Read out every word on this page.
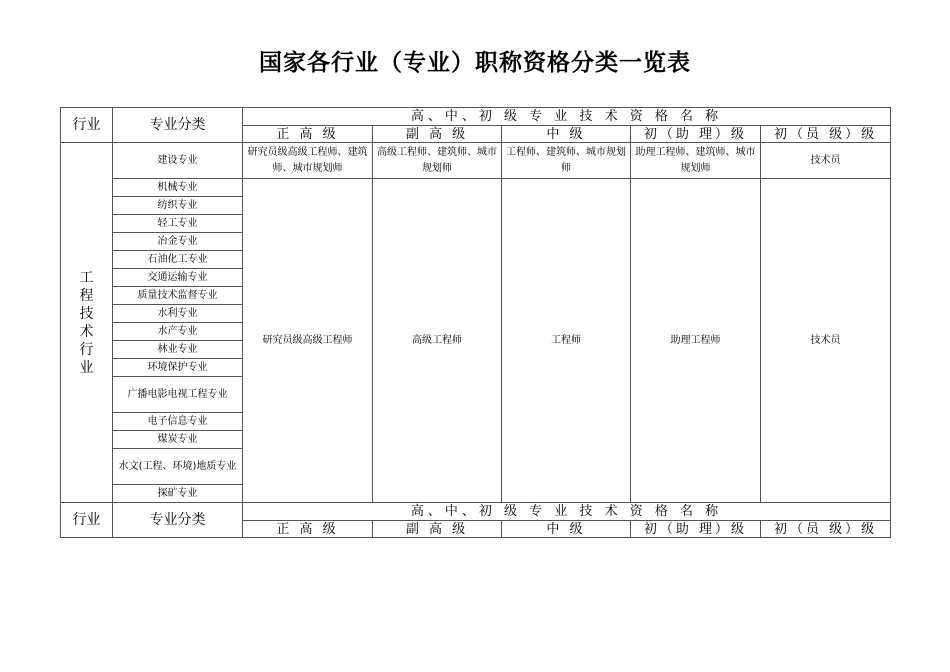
国家各行业（专业）职称资格分类一览表
行业	专业分类	高、中、初 级 专 业 技 术 资 格 名 称				
		正 高 级	副 高 级	中 级	初（助 理）级	初（员 级）级
工程技术行业	建设专业	研究员级高级工程师、建筑师、城市规划师	高级工程师、建筑师、城市规划师	工程师、建筑师、城市规划师	助理工程师、建筑师、城市规划师	技术员
	机械专业	研究员级高级工程师	高级工程师	工程师	助理工程师	技术员
	纺织专业					
	轻工专业					
	冶金专业					
	石油化工专业					
	交通运输专业					
	质量技术监督专业					
	水利专业					
	水产专业					
	林业专业					
	环境保护专业					
	广播电影电视工程专业					
	电子信息专业					
	煤炭专业					
	水文(工程、环境)地质专业					
	探矿专业					
行业	专业分类	高、中、初 级 专 业 技 术 资 格 名 称				
		正 高 级	副 高 级	中 级	初（助 理）级	初（员 级）级
